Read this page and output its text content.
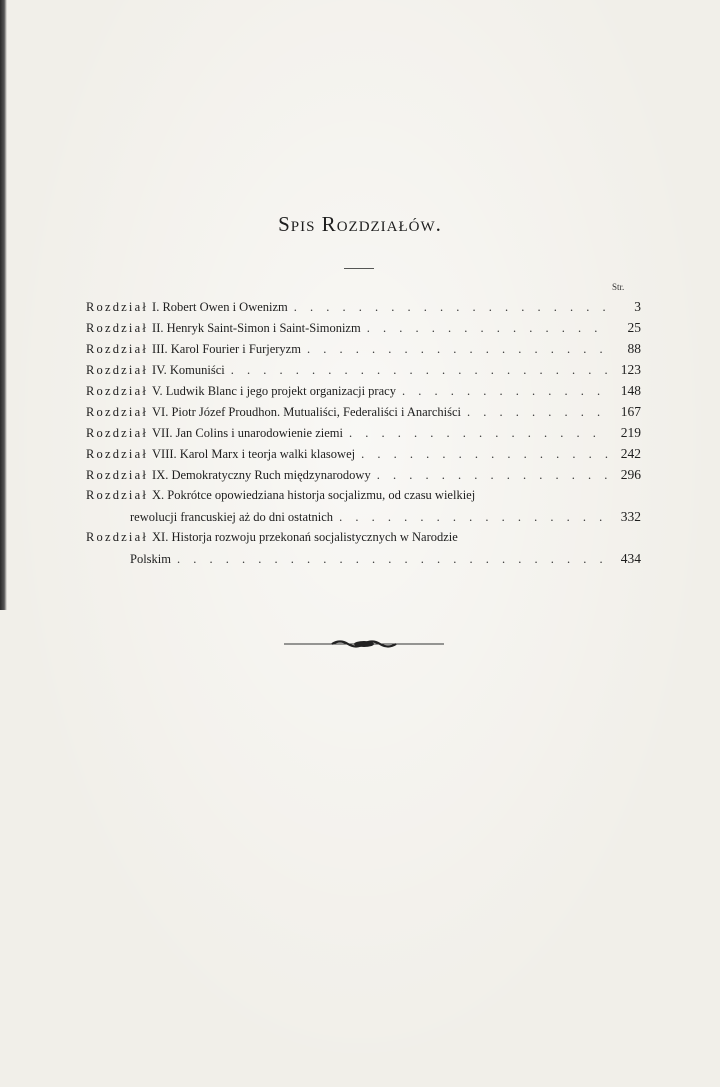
Spis Rozdziałów.
Str.
Rozdział I. Robert Owen i Owenizm . . .	3
Rozdział II. Henryk Saint-Simon i Saint-Simonizm . . .	25
Rozdział III. Karol Fourier i Furjeryzm . . .	88
Rozdział IV. Komuniści . . .	123
Rozdział V. Ludwik Blanc i jego projekt organizacji pracy . . .	148
Rozdział VI. Piotr Józef Proudhon. Mutualiści, Federaliści i Anarchiści . . .	167
Rozdział VII. Jan Colins i unarodowienie ziemi . . .	219
Rozdział VIII. Karol Marx i teorja walki klasowej . . .	242
Rozdział IX. Demokratyczny Ruch międzynarodowy . . .	296
Rozdział X. Pokrótce opowiedziana historja socjalizmu, od czasu wielkiej
rewolucji francuskiej aż do dni ostatnich . . .	332
Rozdział XI. Historja rozwoju przekonań socjalistycznych w Narodzie
Polskim . . .	434
